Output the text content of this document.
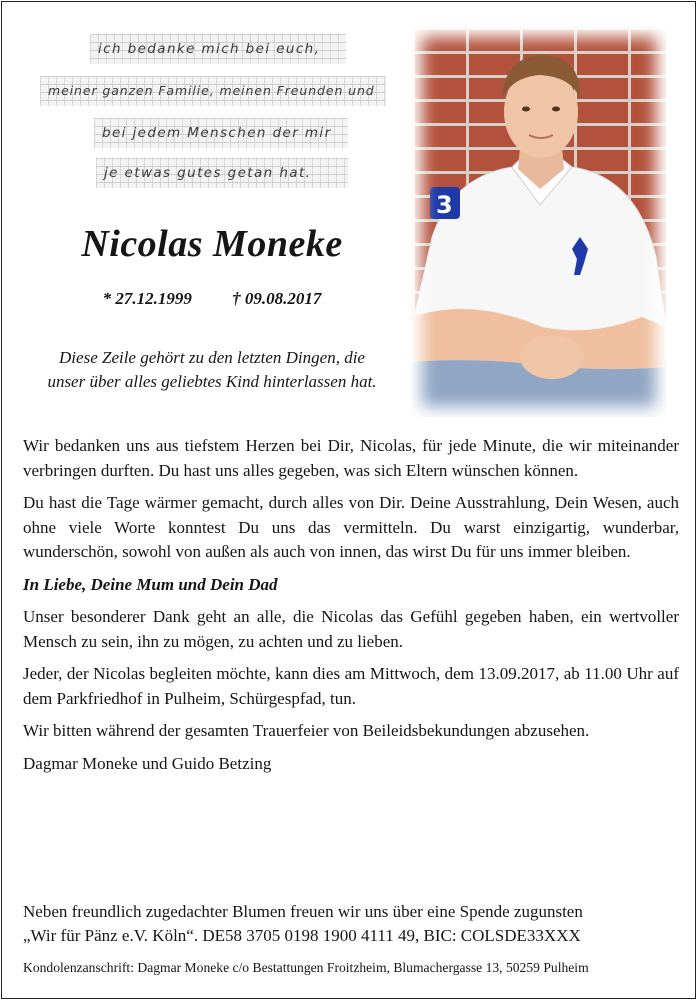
ich bedanke mich bei euch,
meiner ganzen Familie, meinen Freunden und
bei jedem Menschen der mir
je etwas gutes getan hat.
Nicolas Moneke
* 27.12.1999 † 09.08.2017
Diese Zeile gehört zu den letzten Dingen, die
unser über alles geliebtes Kind hinterlassen hat.
3

Wir bedanken uns aus tiefstem Herzen bei Dir, Nicolas, für jede Minute, die wir miteinander verbringen durften. Du hast uns alles gegeben, was sich Eltern wünschen können.

Du hast die Tage wärmer gemacht, durch alles von Dir. Deine Ausstrahlung, Dein Wesen, auch ohne viele Worte konntest Du uns das vermitteln. Du warst einzigartig, wunderbar, wunderschön, sowohl von außen als auch von innen, das wirst Du für uns immer bleiben.

In Liebe, Deine Mum und Dein Dad

Unser besonderer Dank geht an alle, die Nicolas das Gefühl gegeben haben, ein wertvoller Mensch zu sein, ihn zu mögen, zu achten und zu lieben.

Jeder, der Nicolas begleiten möchte, kann dies am Mittwoch, dem 13.09.2017, ab 11.00 Uhr auf dem Parkfriedhof in Pulheim, Schürgespfad, tun.

Wir bitten während der gesamten Trauerfeier von Beileidsbekundungen abzusehen.

Dagmar Moneke und Guido Betzing

Neben freundlich zugedachter Blumen freuen wir uns über eine Spende zugunsten

„Wir für Pänz e.V. Köln“. DE58 3705 0198 1900 4111 49, BIC: COLSDE33XXX

Kondolenzanschrift: Dagmar Moneke c/o Bestattungen Froitzheim, Blumachergasse 13, 50259 Pulheim
